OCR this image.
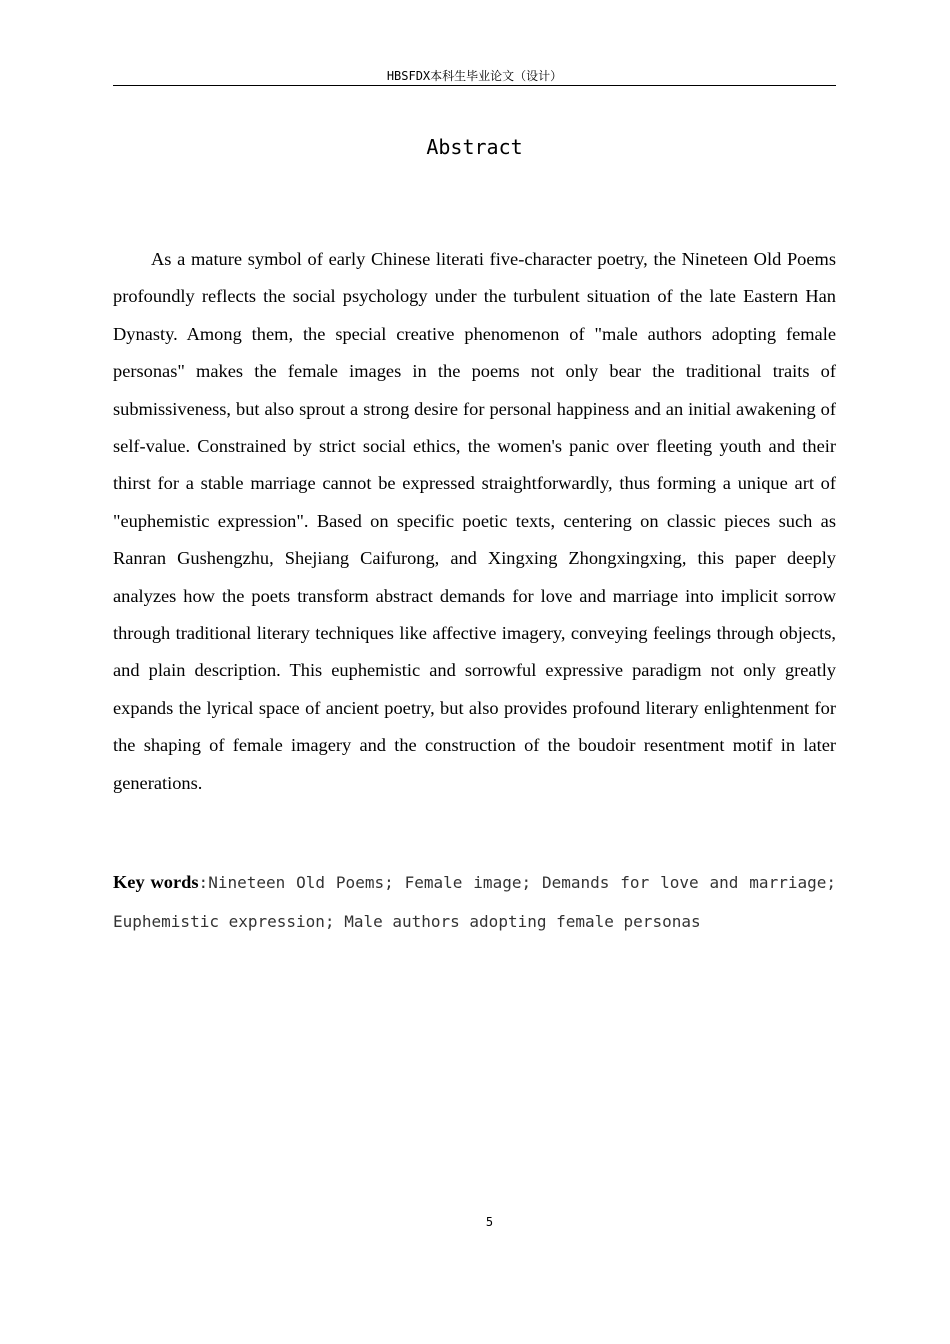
HBSFDX本科生毕业论文（设计）
Abstract

As a mature symbol of early Chinese literati five-character poetry, the Nineteen Old Poems profoundly reflects the social psychology under the turbulent situation of the late Eastern Han Dynasty. Among them, the special creative phenomenon of "male authors adopting female personas" makes the female images in the poems not only bear the traditional traits of submissiveness, but also sprout a strong desire for personal happiness and an initial awakening of self-value. Constrained by strict social ethics, the women's panic over fleeting youth and their thirst for a stable marriage cannot be expressed straightforwardly, thus forming a unique art of "euphemistic expression". Based on specific poetic texts, centering on classic pieces such as Ranran Gushengzhu, Shejiang Caifurong, and Xingxing Zhongxingxing, this paper deeply analyzes how the poets transform abstract demands for love and marriage into implicit sorrow through traditional literary techniques like affective imagery, conveying feelings through objects, and plain description. This euphemistic and sorrowful expressive paradigm not only greatly expands the lyrical space of ancient poetry, but also provides profound literary enlightenment for the shaping of female imagery and the construction of the boudoir resentment motif in later generations.

Key words:Nineteen Old Poems; Female image; Demands for love and marriage; Euphemistic expression; Male authors adopting female personas

5
